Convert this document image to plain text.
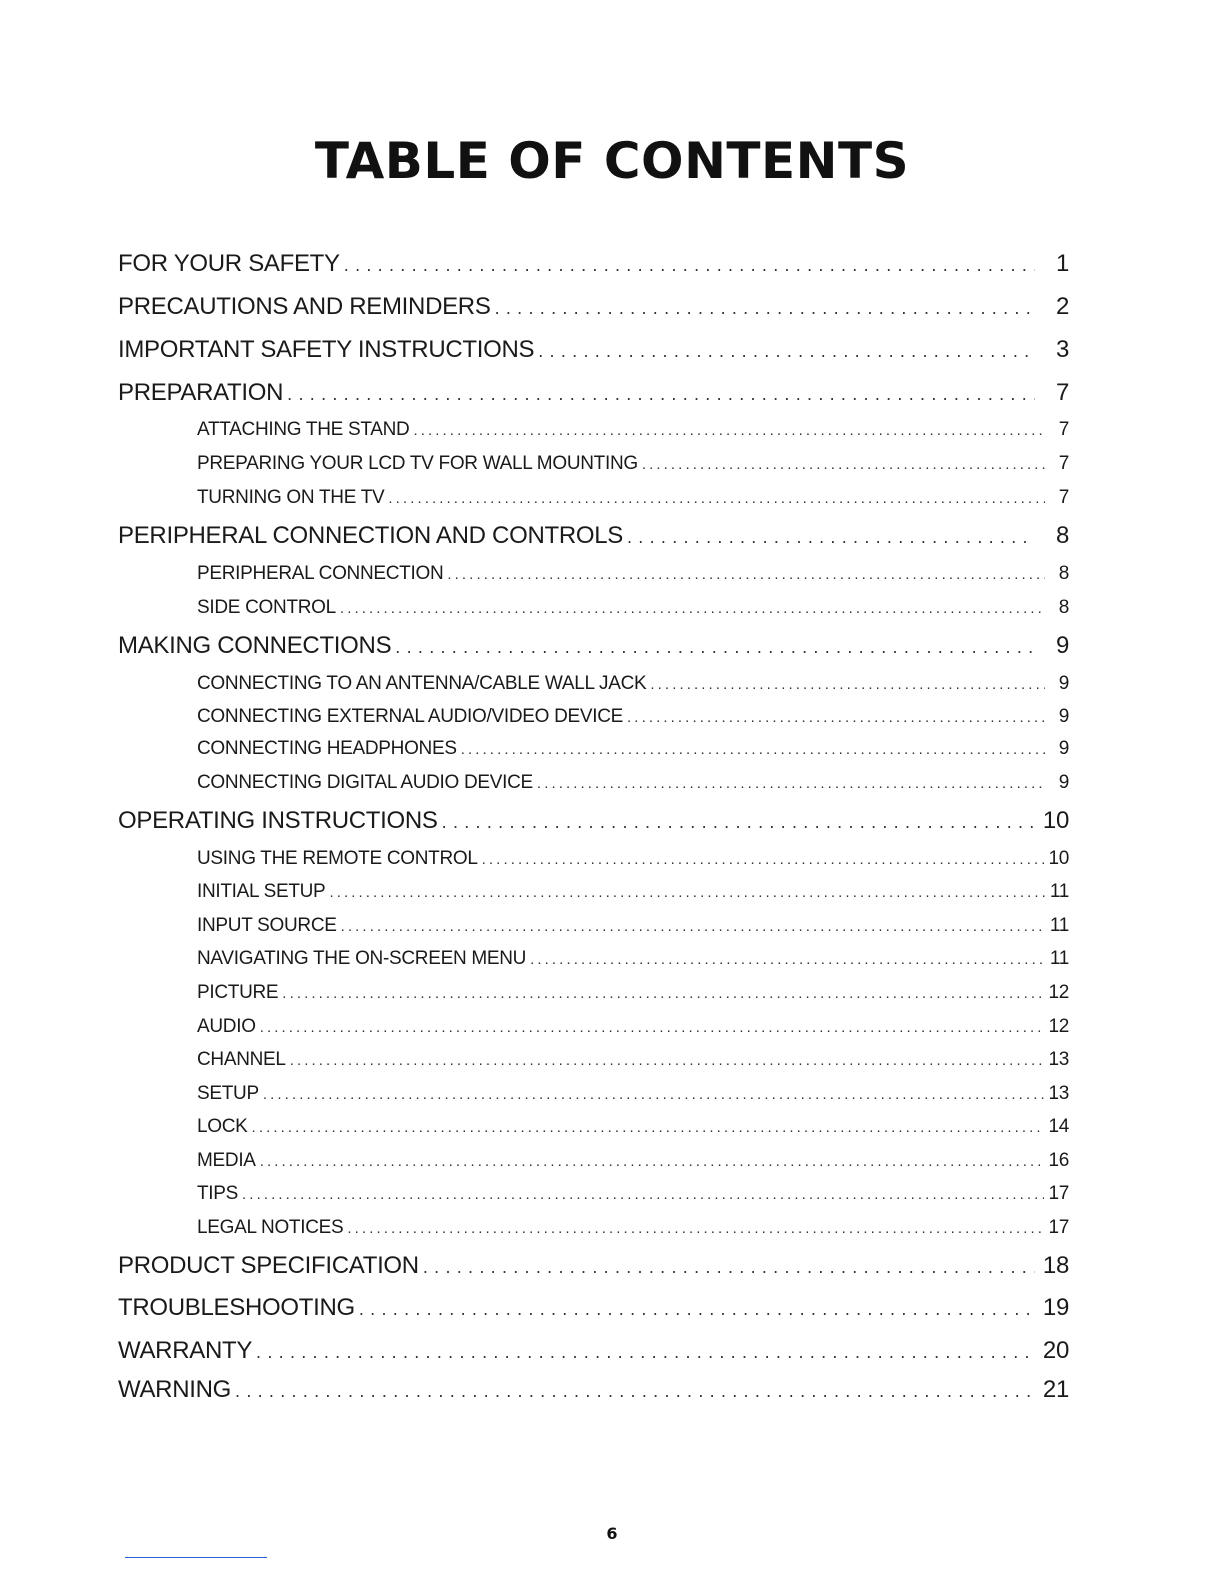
TABLE OF CONTENTS
FOR YOUR SAFETY .....	1
PRECAUTIONS AND REMINDERS .....	2
IMPORTANT SAFETY INSTRUCTIONS .....	3
PREPARATION .....	7
ATTACHING THE STAND .....	7
PREPARING YOUR LCD TV FOR WALL MOUNTING .....	7
TURNING ON THE TV .....	7
PERIPHERAL CONNECTION AND CONTROLS .....	8
PERIPHERAL CONNECTION .....	8
SIDE CONTROL .....	8
MAKING CONNECTIONS .....	9
CONNECTING TO AN ANTENNA/CABLE WALL JACK .....	9
CONNECTING EXTERNAL AUDIO/VIDEO DEVICE .....	9
CONNECTING HEADPHONES .....	9
CONNECTING DIGITAL AUDIO DEVICE .....	9
OPERATING INSTRUCTIONS .....	10
USING THE REMOTE CONTROL .....	10
INITIAL SETUP .....	11
INPUT SOURCE .....	11
NAVIGATING THE ON-SCREEN MENU .....	11
PICTURE .....	12
AUDIO .....	12
CHANNEL .....	13
SETUP .....	13
LOCK .....	14
MEDIA .....	16
TIPS .....	17
LEGAL NOTICES .....	17
PRODUCT SPECIFICATION .....	18
TROUBLESHOOTING .....	19
WARRANTY .....	20
WARNING .....	21
6
